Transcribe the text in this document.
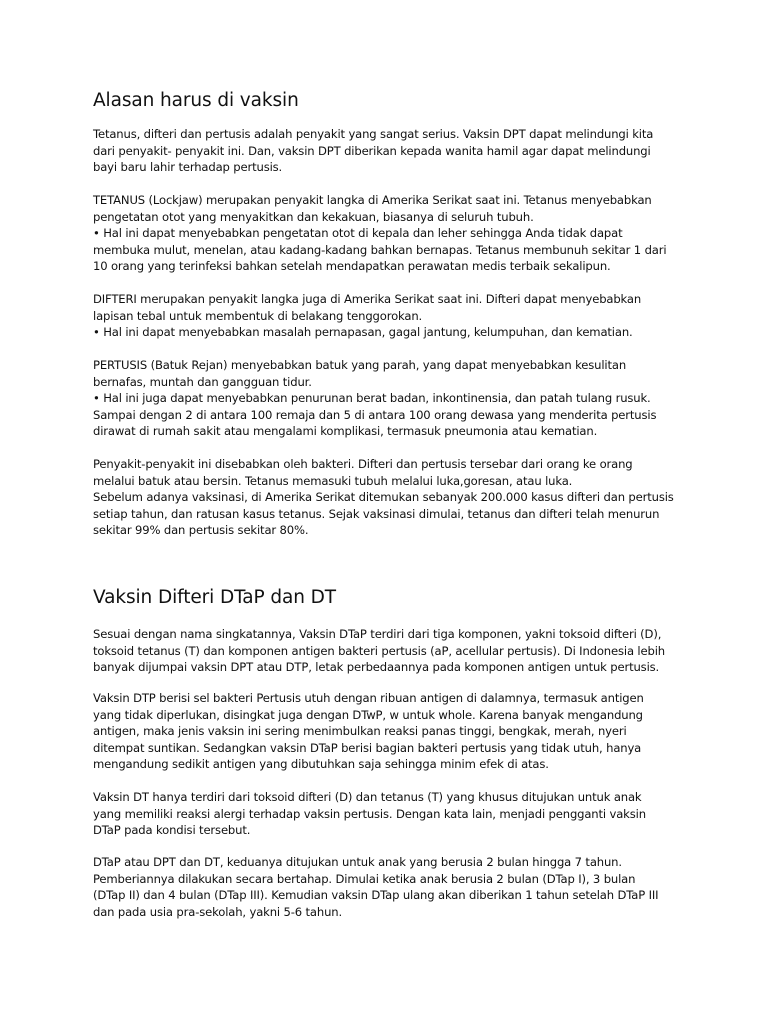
Alasan harus di vaksin
Tetanus, difteri dan pertusis adalah penyakit yang sangat serius. Vaksin DPT dapat melindungi kita
dari penyakit- penyakit ini. Dan, vaksin DPT diberikan kepada wanita hamil agar dapat melindungi
bayi baru lahir terhadap pertusis.
TETANUS (Lockjaw) merupakan penyakit langka di Amerika Serikat saat ini. Tetanus menyebabkan
pengetatan otot yang menyakitkan dan kekakuan, biasanya di seluruh tubuh.
• Hal ini dapat menyebabkan pengetatan otot di kepala dan leher sehingga Anda tidak dapat
membuka mulut, menelan, atau kadang-kadang bahkan bernapas. Tetanus membunuh sekitar 1 dari
10 orang yang terinfeksi bahkan setelah mendapatkan perawatan medis terbaik sekalipun.
DIFTERI merupakan penyakit langka juga di Amerika Serikat saat ini. Difteri dapat menyebabkan
lapisan tebal untuk membentuk di belakang tenggorokan.
• Hal ini dapat menyebabkan masalah pernapasan, gagal jantung, kelumpuhan, dan kematian.
PERTUSIS (Batuk Rejan) menyebabkan batuk yang parah, yang dapat menyebabkan kesulitan
bernafas, muntah dan gangguan tidur.
• Hal ini juga dapat menyebabkan penurunan berat badan, inkontinensia, dan patah tulang rusuk.
Sampai dengan 2 di antara 100 remaja dan 5 di antara 100 orang dewasa yang menderita pertusis
dirawat di rumah sakit atau mengalami komplikasi, termasuk pneumonia atau kematian.
Penyakit-penyakit ini disebabkan oleh bakteri. Difteri dan pertusis tersebar dari orang ke orang
melalui batuk atau bersin. Tetanus memasuki tubuh melalui luka,goresan, atau luka.
Sebelum adanya vaksinasi, di Amerika Serikat ditemukan sebanyak 200.000 kasus difteri dan pertusis
setiap tahun, dan ratusan kasus tetanus. Sejak vaksinasi dimulai, tetanus dan difteri telah menurun
sekitar 99% dan pertusis sekitar 80%.
Vaksin Difteri DTaP dan DT
Sesuai dengan nama singkatannya, Vaksin DTaP terdiri dari tiga komponen, yakni toksoid difteri (D),
toksoid tetanus (T) dan komponen antigen bakteri pertusis (aP, acellular pertusis). Di Indonesia lebih
banyak dijumpai vaksin DPT atau DTP, letak perbedaannya pada komponen antigen untuk pertusis.
Vaksin DTP berisi sel bakteri Pertusis utuh dengan ribuan antigen di dalamnya, termasuk antigen
yang tidak diperlukan, disingkat juga dengan DTwP, w untuk whole. Karena banyak mengandung
antigen, maka jenis vaksin ini sering menimbulkan reaksi panas tinggi, bengkak, merah, nyeri
ditempat suntikan. Sedangkan vaksin DTaP berisi bagian bakteri pertusis yang tidak utuh, hanya
mengandung sedikit antigen yang dibutuhkan saja sehingga minim efek di atas.
Vaksin DT hanya terdiri dari toksoid difteri (D) dan tetanus (T) yang khusus ditujukan untuk anak
yang memiliki reaksi alergi terhadap vaksin pertusis. Dengan kata lain, menjadi pengganti vaksin
DTaP pada kondisi tersebut.
DTaP atau DPT dan DT, keduanya ditujukan untuk anak yang berusia 2 bulan hingga 7 tahun.
Pemberiannya dilakukan secara bertahap. Dimulai ketika anak berusia 2 bulan (DTap I), 3 bulan
(DTap II) dan 4 bulan (DTap III). Kemudian vaksin DTap ulang akan diberikan 1 tahun setelah DTaP III
dan pada usia pra-sekolah, yakni 5-6 tahun.
